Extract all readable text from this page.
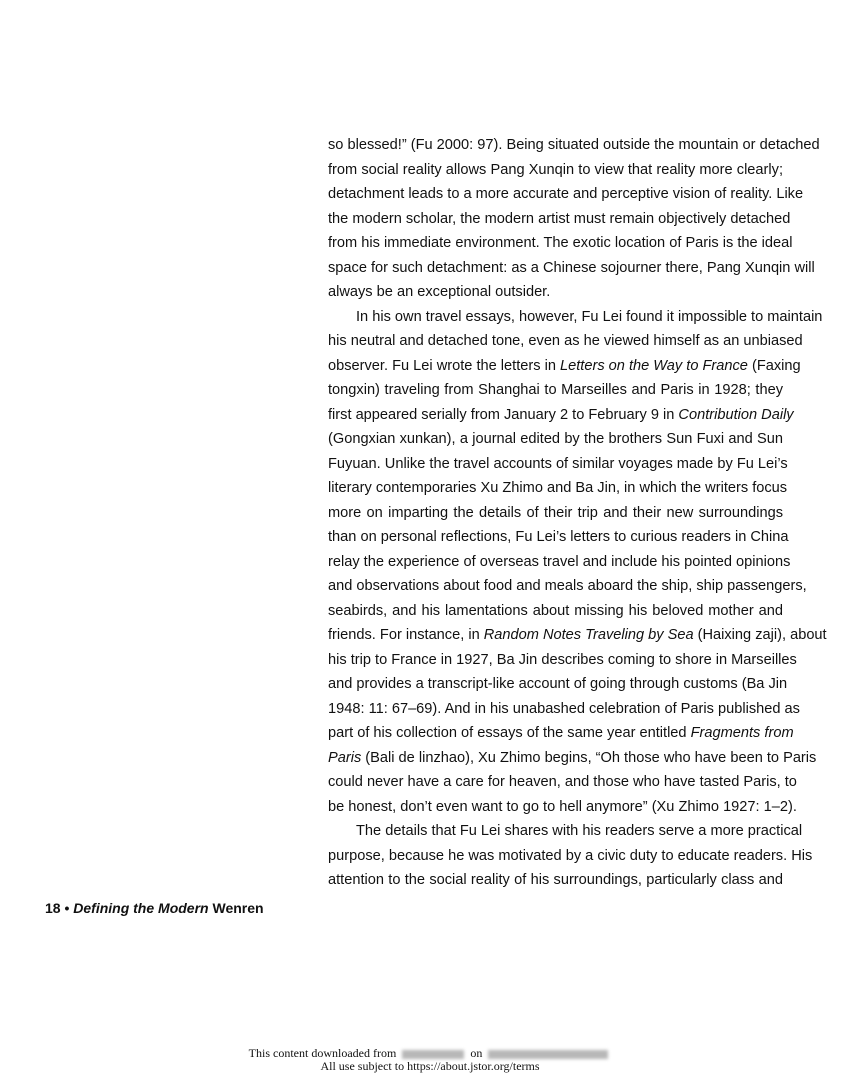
so blessed!” (Fu 2000: 97). Being situated outside the mountain or detached
from social reality allows Pang Xunqin to view that reality more clearly;
detachment leads to a more accurate and perceptive vision of reality. Like
the modern scholar, the modern artist must remain objectively detached
from his immediate environment. The exotic location of Paris is the ideal
space for such detachment: as a Chinese sojourner there, Pang Xunqin will
always be an exceptional outsider.
In his own travel essays, however, Fu Lei found it impossible to maintain
his neutral and detached tone, even as he viewed himself as an unbiased
observer. Fu Lei wrote the letters in Letters on the Way to France (Faxing
tongxin) traveling from Shanghai to Marseilles and Paris in 1928; they
first appeared serially from January 2 to February 9 in Contribution Daily
(Gongxian xunkan), a journal edited by the brothers Sun Fuxi and Sun
Fuyuan. Unlike the travel accounts of similar voyages made by Fu Lei’s
literary contemporaries Xu Zhimo and Ba Jin, in which the writers focus
more on imparting the details of their trip and their new surroundings
than on personal reflections, Fu Lei’s letters to curious readers in China
relay the experience of overseas travel and include his pointed opinions
and observations about food and meals aboard the ship, ship passengers,
seabirds, and his lamentations about missing his beloved mother and
friends. For instance, in Random Notes Traveling by Sea (Haixing zaji), about
his trip to France in 1927, Ba Jin describes coming to shore in Marseilles
and provides a transcript-like account of going through customs (Ba Jin
1948: 11: 67–69). And in his unabashed celebration of Paris published as
part of his collection of essays of the same year entitled Fragments from
Paris (Bali de linzhao), Xu Zhimo begins, “Oh those who have been to Paris
could never have a care for heaven, and those who have tasted Paris, to
be honest, don’t even want to go to hell anymore” (Xu Zhimo 1927: 1–2).
The details that Fu Lei shares with his readers serve a more practical
purpose, because he was motivated by a civic duty to educate readers. His
attention to the social reality of his surroundings, particularly class and
18 • Defining the Modern Wenren
This content downloaded from	on
All use subject to https://about.jstor.org/terms
